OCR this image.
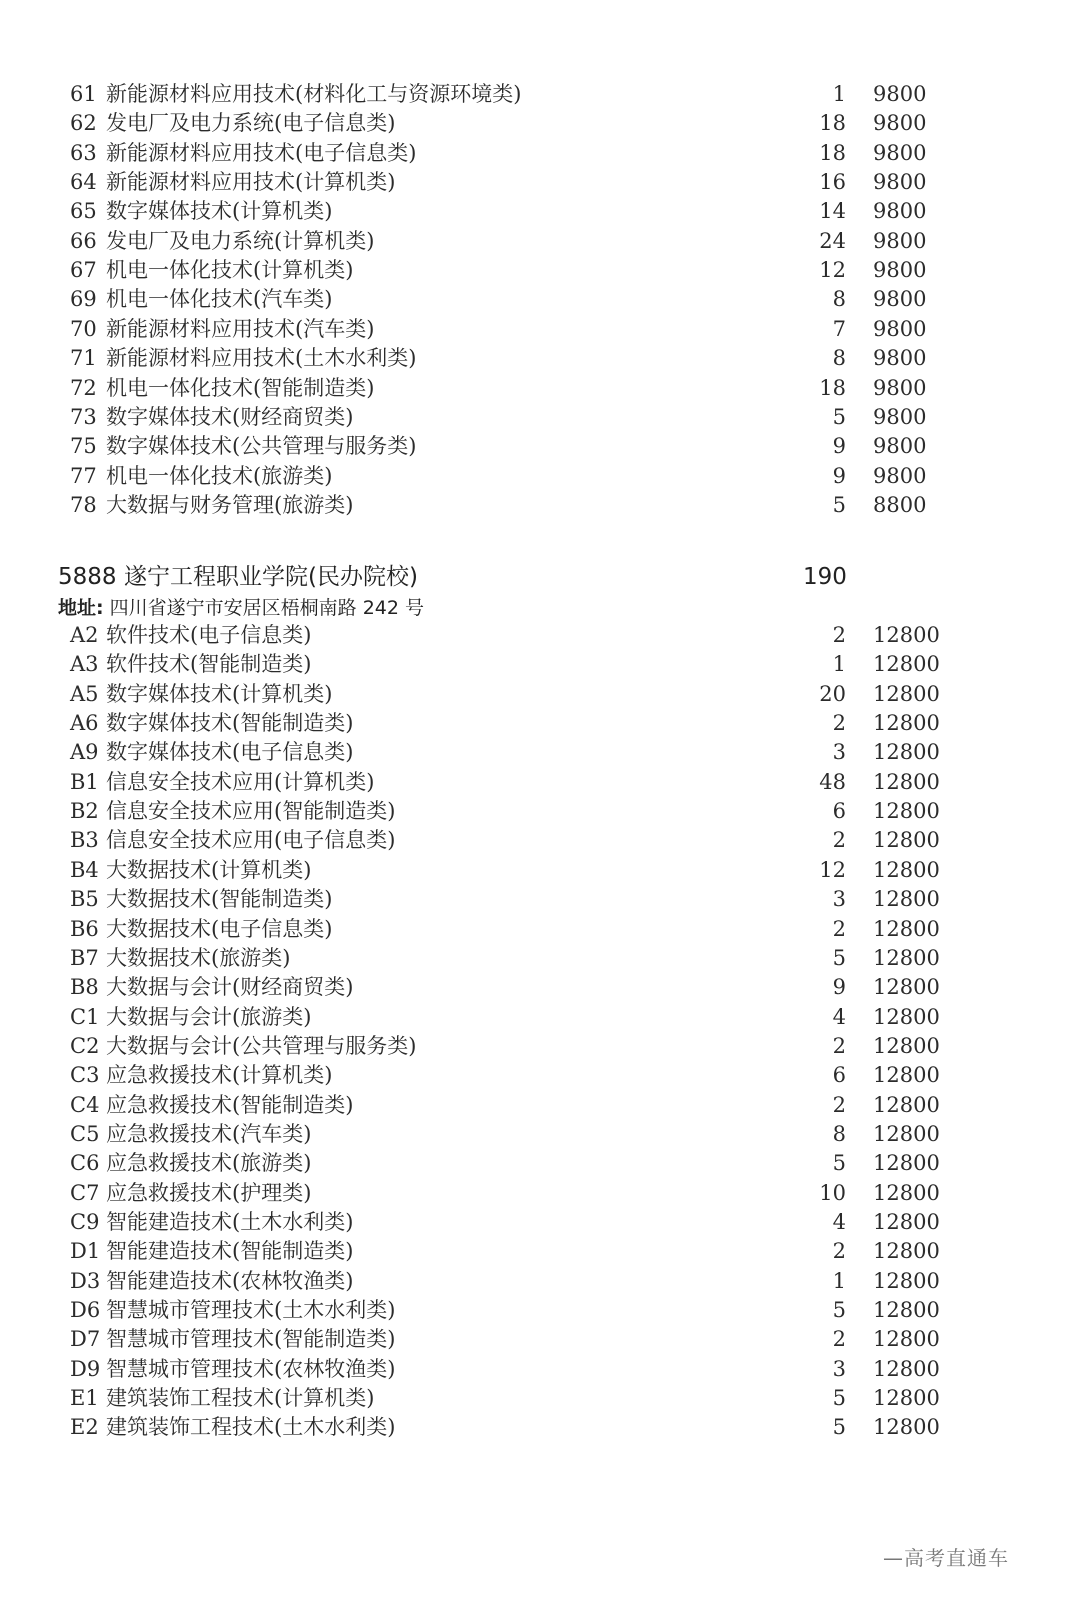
61 新能源材料应用技术(材料化工与资源环境类)	1 9800
62 发电厂及电力系统(电子信息类)	18 9800
63 新能源材料应用技术(电子信息类)	18 9800
64 新能源材料应用技术(计算机类)	16 9800
65 数字媒体技术(计算机类)	14 9800
66 发电厂及电力系统(计算机类)	24 9800
67 机电一体化技术(计算机类)	12 9800
69 机电一体化技术(汽车类)	8 9800
70 新能源材料应用技术(汽车类)	7 9800
71 新能源材料应用技术(土木水利类)	8 9800
72 机电一体化技术(智能制造类)	18 9800
73 数字媒体技术(财经商贸类)	5 9800
75 数字媒体技术(公共管理与服务类)	9 9800
77 机电一体化技术(旅游类)	9 9800
78 大数据与财务管理(旅游类)	5 8800
5888 遂宁工程职业学院(民办院校)	190
地址: 四川省遂宁市安居区梧桐南路 242 号
A2 软件技术(电子信息类)	2 12800
A3 软件技术(智能制造类)	1 12800
A5 数字媒体技术(计算机类)	20 12800
A6 数字媒体技术(智能制造类)	2 12800
A9 数字媒体技术(电子信息类)	3 12800
B1 信息安全技术应用(计算机类)	48 12800
B2 信息安全技术应用(智能制造类)	6 12800
B3 信息安全技术应用(电子信息类)	2 12800
B4 大数据技术(计算机类)	12 12800
B5 大数据技术(智能制造类)	3 12800
B6 大数据技术(电子信息类)	2 12800
B7 大数据技术(旅游类)	5 12800
B8 大数据与会计(财经商贸类)	9 12800
C1 大数据与会计(旅游类)	4 12800
C2 大数据与会计(公共管理与服务类)	2 12800
C3 应急救援技术(计算机类)	6 12800
C4 应急救援技术(智能制造类)	2 12800
C5 应急救援技术(汽车类)	8 12800
C6 应急救援技术(旅游类)	5 12800
C7 应急救援技术(护理类)	10 12800
C9 智能建造技术(土木水利类)	4 12800
D1 智能建造技术(智能制造类)	2 12800
D3 智能建造技术(农林牧渔类)	1 12800
D6 智慧城市管理技术(土木水利类)	5 12800
D7 智慧城市管理技术(智能制造类)	2 12800
D9 智慧城市管理技术(农林牧渔类)	3 12800
E1 建筑装饰工程技术(计算机类)	5 12800
E2 建筑装饰工程技术(土木水利类)	5 12800
—高考直通车
